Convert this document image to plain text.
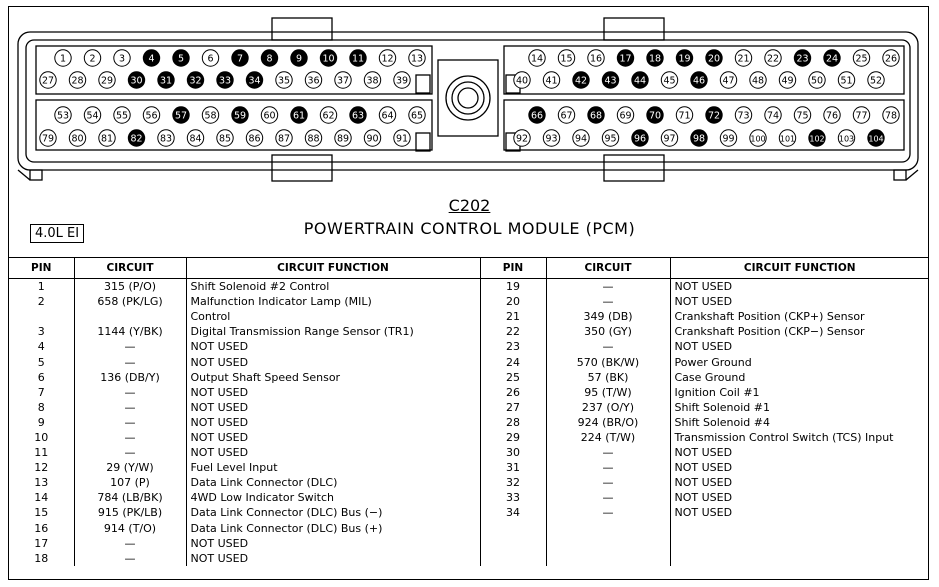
1 2 3 4 5 6 7 8 9 10 11 12 13
27 28 29 30 31 32 33 34 35 36 37 38 39
14 15 16 17 18 19 20 21 22 23 24 25 26
40 41 42 43 44 45 46 47 48 49 50 51 52
53 54 55 56 57 58 59 60 61 62 63 64 65
79 80 81 82 83 84 85 86 87 88 89 90 91
66 67 68 69 70 71 72 73 74 75 76 77 78
92 93 94 95 96 97 98 99 100 101 102 103 104
C202
POWERTRAIN CONTROL MODULE (PCM)
4.0L EI
PIN	CIRCUIT	CIRCUIT FUNCTION	PIN	CIRCUIT	CIRCUIT FUNCTION
1	315 (P/O)	Shift Solenoid #2 Control	19	—	NOT USED
2	658 (PK/LG)	Malfunction Indicator Lamp (MIL)	20	—	NOT USED
		Control	21	349 (DB)	Crankshaft Position (CKP+) Sensor
3	1144 (Y/BK)	Digital Transmission Range Sensor (TR1)	22	350 (GY)	Crankshaft Position (CKP−) Sensor
4	—	NOT USED	23	—	NOT USED
5	—	NOT USED	24	570 (BK/W)	Power Ground
6	136 (DB/Y)	Output Shaft Speed Sensor	25	57 (BK)	Case Ground
7	—	NOT USED	26	95 (T/W)	Ignition Coil #1
8	—	NOT USED	27	237 (O/Y)	Shift Solenoid #1
9	—	NOT USED	28	924 (BR/O)	Shift Solenoid #4
10	—	NOT USED	29	224 (T/W)	Transmission Control Switch (TCS) Input
11	—	NOT USED	30	—	NOT USED
12	29 (Y/W)	Fuel Level Input	31	—	NOT USED
13	107 (P)	Data Link Connector (DLC)	32	—	NOT USED
14	784 (LB/BK)	4WD Low Indicator Switch	33	—	NOT USED
15	915 (PK/LB)	Data Link Connector (DLC) Bus (−)	34	—	NOT USED
16	914 (T/O)	Data Link Connector (DLC) Bus (+)			
17	—	NOT USED			
18	—	NOT USED			
